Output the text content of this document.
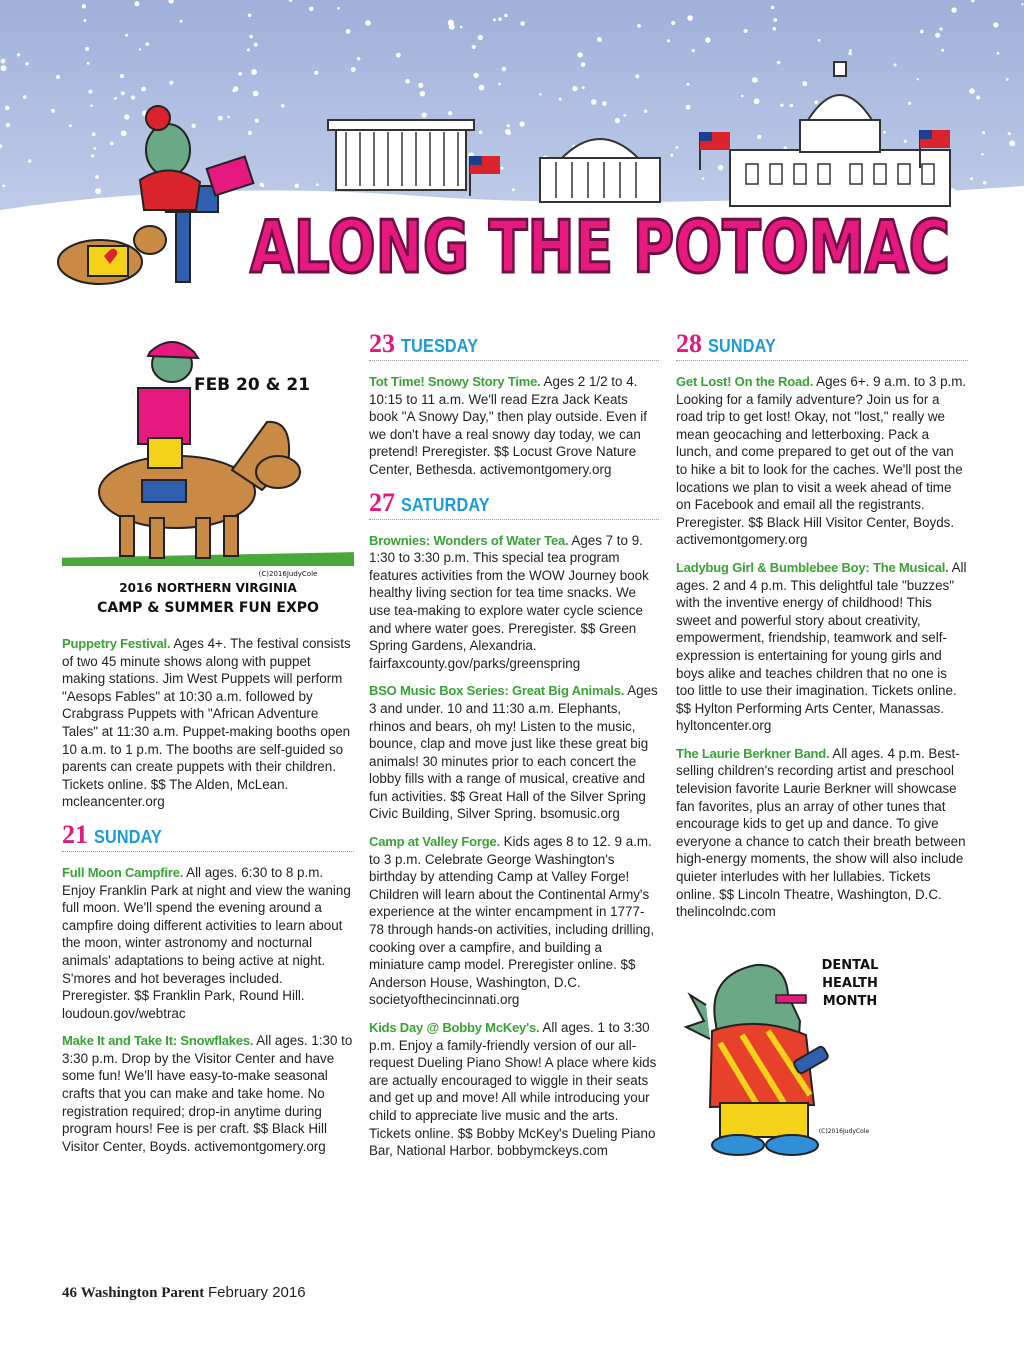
ALONG THE POTOMAC
FEB 20 & 21
(C)2016JudyCole
2016 NORTHERN VIRGINIA
CAMP & SUMMER FUN EXPO
Puppetry Festival. Ages 4+. The festival consists of two 45 minute shows along with puppet making stations. Jim West Puppets will perform "Aesops Fables" at 10:30 a.m. followed by Crabgrass Puppets with "African Adventure Tales" at 11:30 a.m. Puppet-making booths open 10 a.m. to 1 p.m. The booths are self-guided so parents can create puppets with their children. Tickets online. $$ The Alden, McLean. mcleancenter.org
21 SUNDAY
Full Moon Campfire. All ages. 6:30 to 8 p.m. Enjoy Franklin Park at night and view the waning full moon. We'll spend the evening around a campfire doing different activities to learn about the moon, winter astronomy and nocturnal animals' adaptations to being active at night. S'mores and hot beverages included. Preregister. $$ Franklin Park, Round Hill. loudoun.gov/webtrac
Make It and Take It: Snowflakes. All ages. 1:30 to 3:30 p.m. Drop by the Visitor Center and have some fun! We'll have easy-to-make seasonal crafts that you can make and take home. No registration required; drop-in anytime during program hours! Fee is per craft. $$ Black Hill Visitor Center, Boyds. activemontgomery.org
23 TUESDAY
Tot Time! Snowy Story Time. Ages 2 1/2 to 4. 10:15 to 11 a.m. We'll read Ezra Jack Keats book "A Snowy Day," then play outside. Even if we don't have a real snowy day today, we can pretend! Preregister. $$ Locust Grove Nature Center, Bethesda. activemontgomery.org
27 SATURDAY
Brownies: Wonders of Water Tea. Ages 7 to 9. 1:30 to 3:30 p.m. This special tea program features activities from the WOW Journey book healthy living section for tea time snacks. We use tea-making to explore water cycle science and where water goes. Preregister. $$ Green Spring Gardens, Alexandria. fairfaxcounty.gov/parks/greenspring
BSO Music Box Series: Great Big Animals. Ages 3 and under. 10 and 11:30 a.m. Elephants, rhinos and bears, oh my! Listen to the music, bounce, clap and move just like these great big animals! 30 minutes prior to each concert the lobby fills with a range of musical, creative and fun activities. $$ Great Hall of the Silver Spring Civic Building, Silver Spring. bsomusic.org
Camp at Valley Forge. Kids ages 8 to 12. 9 a.m. to 3 p.m. Celebrate George Washington's birthday by attending Camp at Valley Forge! Children will learn about the Continental Army's experience at the winter encampment in 1777-78 through hands-on activities, including drilling, cooking over a campfire, and building a miniature camp model. Preregister online. $$ Anderson House, Washington, D.C. societyofthecincinnati.org
Kids Day @ Bobby McKey's. All ages. 1 to 3:30 p.m. Enjoy a family-friendly version of our all-request Dueling Piano Show! A place where kids are actually encouraged to wiggle in their seats and get up and move! All while introducing your child to appreciate live music and the arts. Tickets online. $$ Bobby McKey's Dueling Piano Bar, National Harbor. bobbymckeys.com
28 SUNDAY
Get Lost! On the Road. Ages 6+. 9 a.m. to 3 p.m. Looking for a family adventure? Join us for a road trip to get lost! Okay, not "lost," really we mean geocaching and letterboxing. Pack a lunch, and come prepared to get out of the van to hike a bit to look for the caches. We'll post the locations we plan to visit a week ahead of time on Facebook and email all the registrants. Preregister. $$ Black Hill Visitor Center, Boyds. activemontgomery.org
Ladybug Girl & Bumblebee Boy: The Musical. All ages. 2 and 4 p.m. This delightful tale "buzzes" with the inventive energy of childhood! This sweet and powerful story about creativity, empowerment, friendship, teamwork and self-expression is entertaining for young girls and boys alike and teaches children that no one is too little to use their imagination. Tickets online. $$ Hylton Performing Arts Center, Manassas. hyltoncenter.org
The Laurie Berkner Band. All ages. 4 p.m. Best-selling children's recording artist and preschool television favorite Laurie Berkner will showcase fan favorites, plus an array of other tunes that encourage kids to get up and dance. To give everyone a chance to catch their breath between high-energy moments, the show will also include quieter interludes with her lullabies. Tickets online. $$ Lincoln Theatre, Washington, D.C. thelincolndc.com
DENTAL
HEALTH
MONTH
(C)2016JudyCole
46 Washington Parent February 2016
